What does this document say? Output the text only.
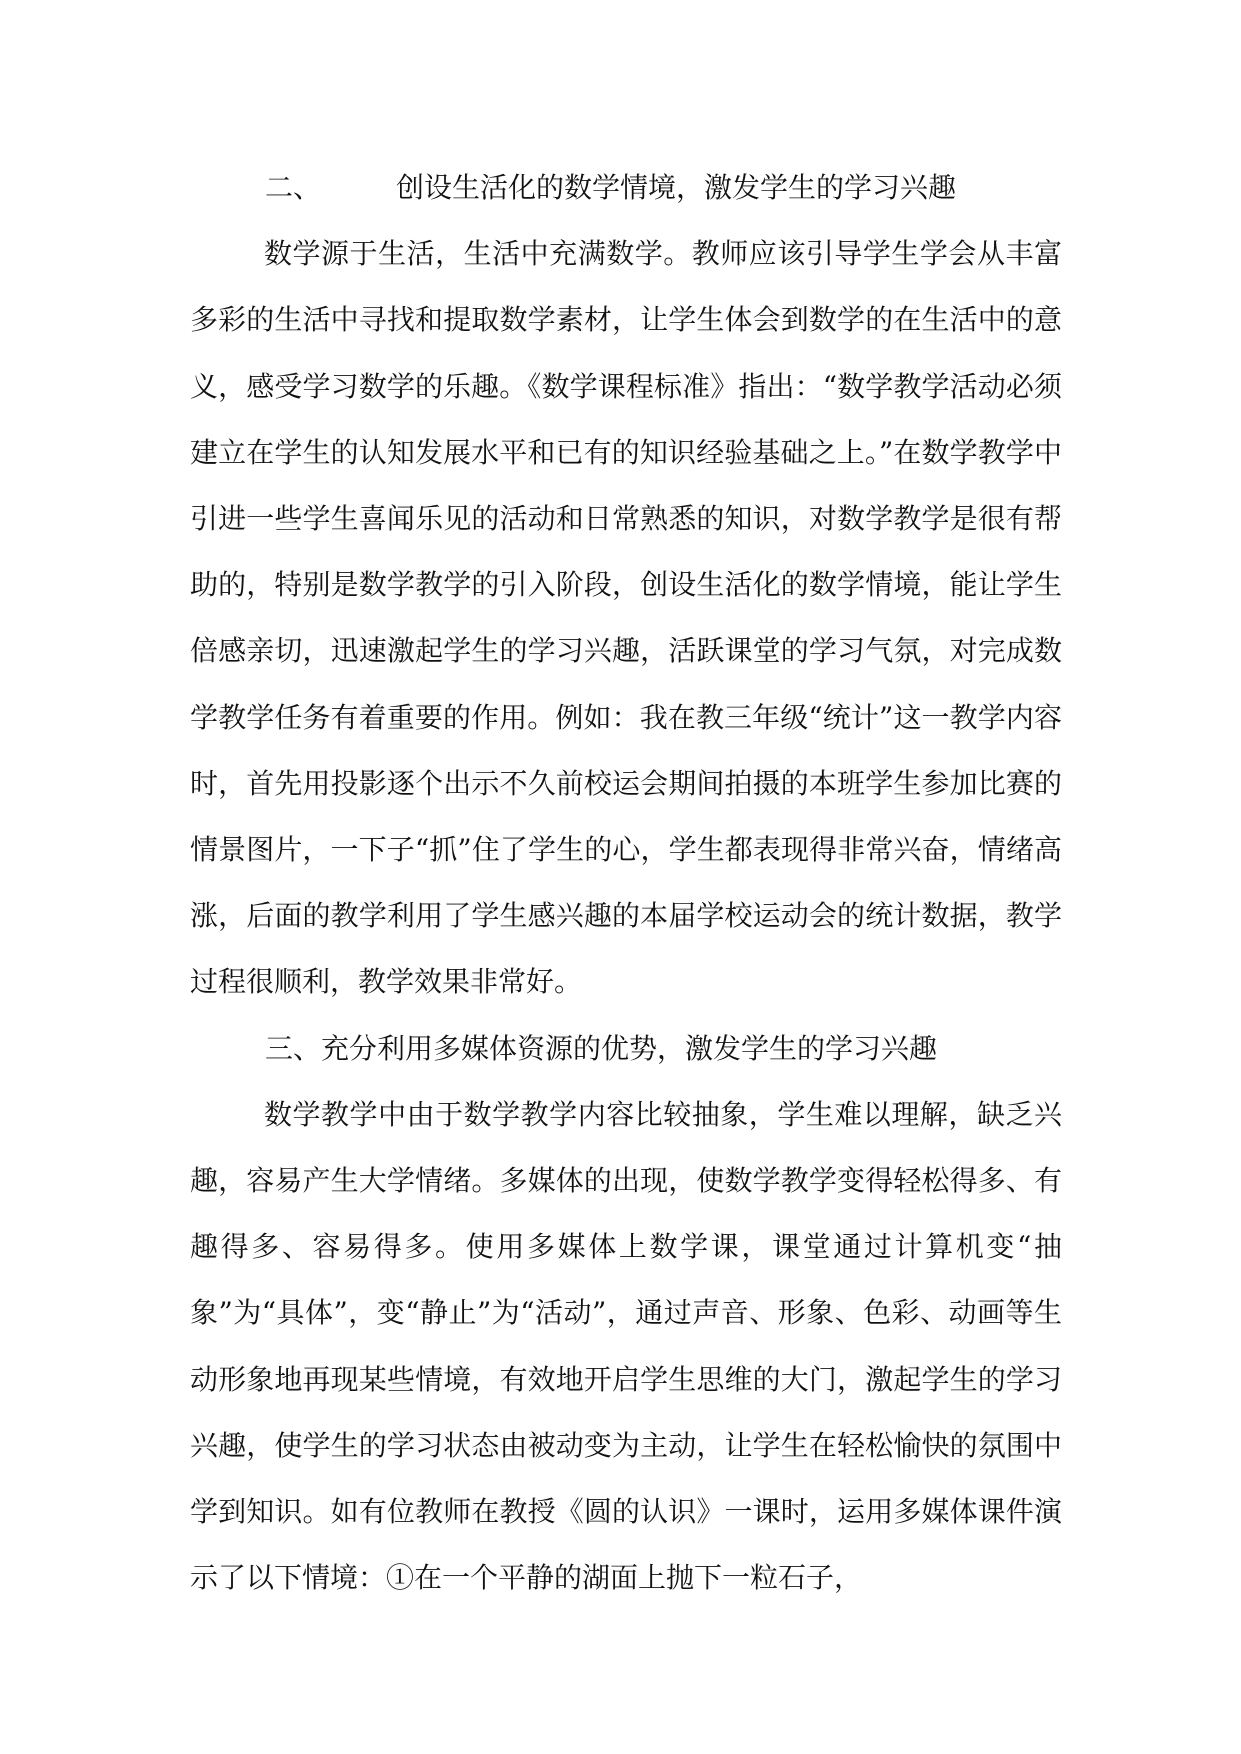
二、	创设生活化的数学情境，激发学生的学习兴趣

数学源于生活，生活中充满数学。教师应该引导学生学会从丰富多彩的生活中寻找和提取数学素材，让学生体会到数学的在生活中的意义，感受学习数学的乐趣。《数学课程标准》指出：“数学教学活动必须建立在学生的认知发展水平和已有的知识经验基础之上。”在数学教学中引进一些学生喜闻乐见的活动和日常熟悉的知识，对数学教学是很有帮助的，特别是数学教学的引入阶段，创设生活化的数学情境，能让学生倍感亲切，迅速激起学生的学习兴趣，活跃课堂的学习气氛，对完成数学教学任务有着重要的作用。例如：我在教三年级“统计”这一教学内容时，首先用投影逐个出示不久前校运会期间拍摄的本班学生参加比赛的情景图片，一下子“抓”住了学生的心，学生都表现得非常兴奋，情绪高涨，后面的教学利用了学生感兴趣的本届学校运动会的统计数据，教学过程很顺利，教学效果非常好。

三、充分利用多媒体资源的优势，激发学生的学习兴趣

数学教学中由于数学教学内容比较抽象，学生难以理解，缺乏兴趣，容易产生大学情绪。多媒体的出现，使数学教学变得轻松得多、有趣得多、容易得多。使用多媒体上数学课，课堂通过计算机变“抽象”为“具体”，变“静止”为“活动”，通过声音、形象、色彩、动画等生动形象地再现某些情境，有效地开启学生思维的大门，激起学生的学习兴趣，使学生的学习状态由被动变为主动，让学生在轻松愉快的氛围中学到知识。如有位教师在教授《圆的认识》一课时，运用多媒体课件演示了以下情境：①在一个平静的湖面上抛下一粒石子，
